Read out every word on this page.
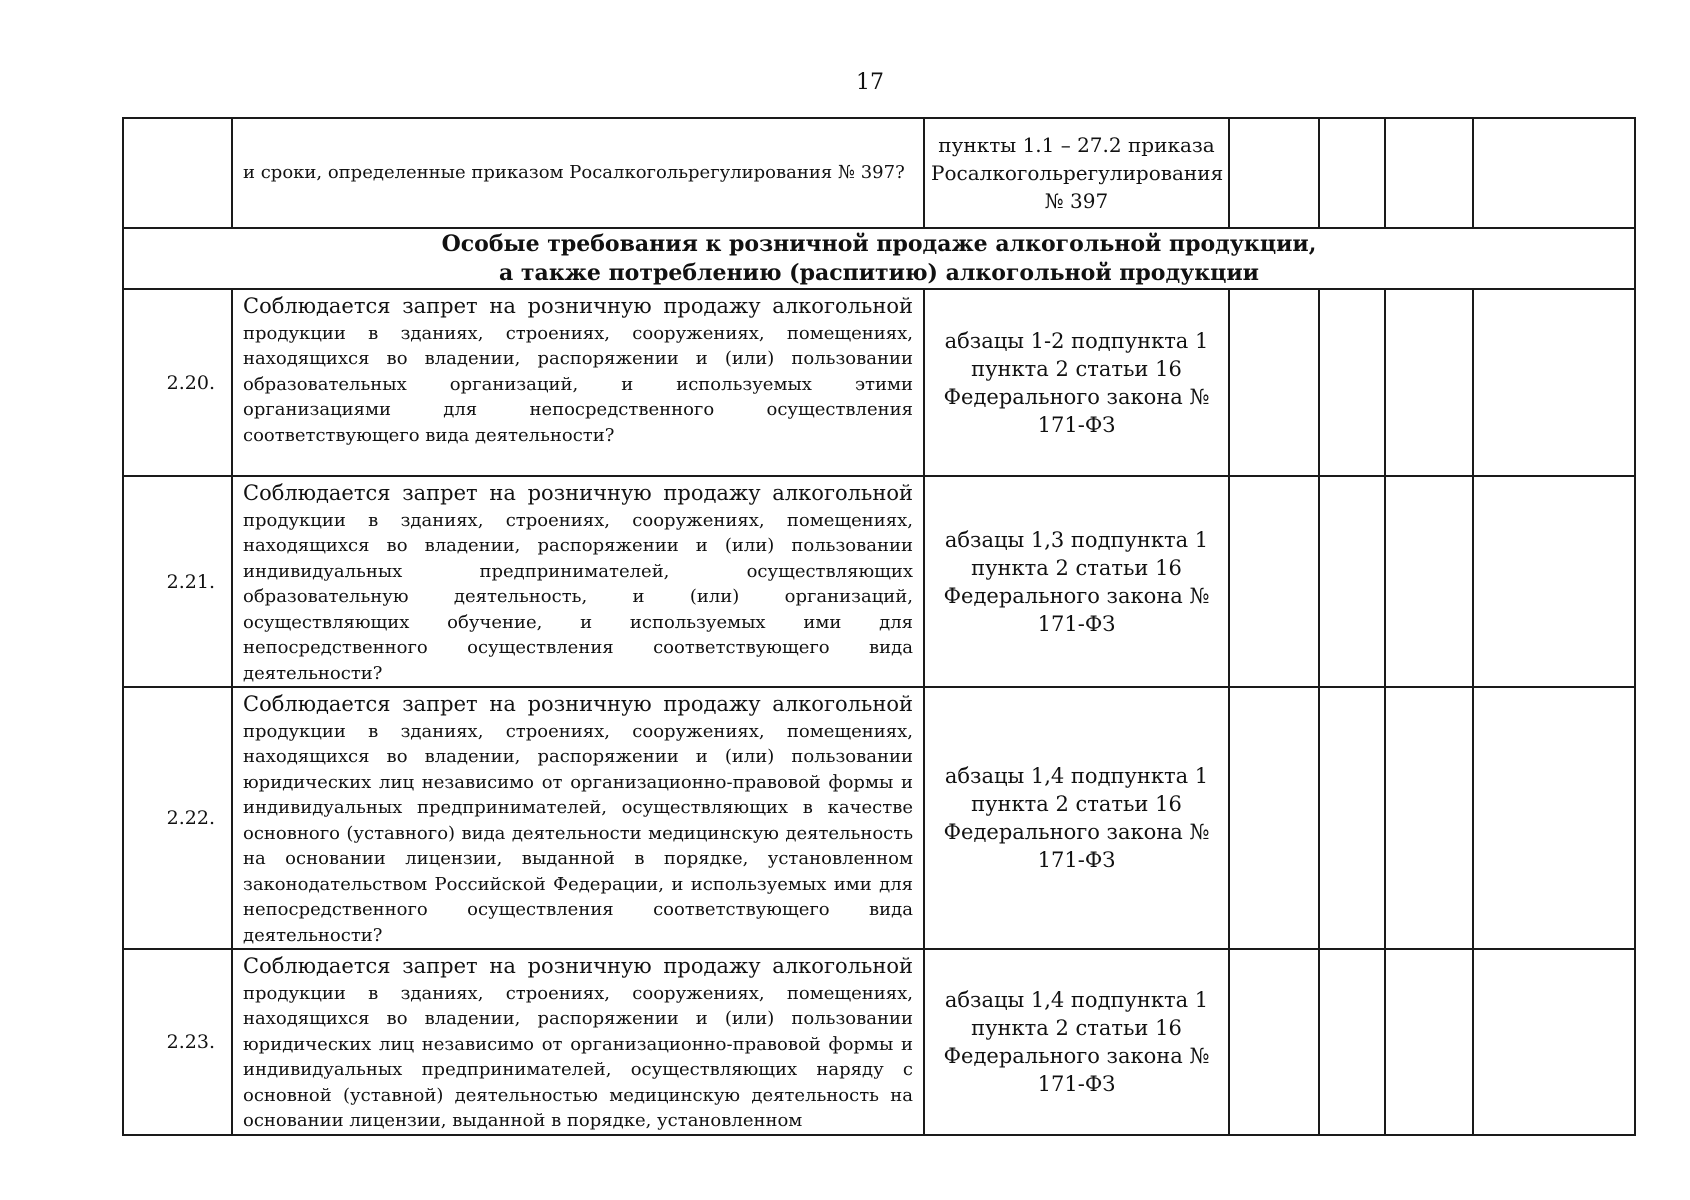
17
	и сроки, определенные приказом Росалкогольрегулирования № 397?	пункты 1.1 – 27.2 приказа Росалкогольрегулирования № 397				

Особые требования к розничной продаже алкогольной продукции,
а также потреблению (распитию) алкогольной продукции						

2.20.	Соблюдается запрет на розничную продажу алкогольной продукции в зданиях, строениях, сооружениях, помещениях, находящихся во владении, распоряжении и (или) пользовании образовательных организаций, и используемых этими организациями для непосредственного осуществления соответствующего вида деятельности?	абзацы 1-2 подпункта 1 пункта 2 статьи 16 Федерального закона № 171-ФЗ				
2.21.	Соблюдается запрет на розничную продажу алкогольной продукции в зданиях, строениях, сооружениях, помещениях, находящихся во владении, распоряжении и (или) пользовании индивидуальных предпринимателей, осуществляющих образовательную деятельность, и (или) организаций, осуществляющих обучение, и используемых ими для непосредственного осуществления соответствующего вида деятельности?	абзацы 1,3 подпункта 1 пункта 2 статьи 16 Федерального закона № 171-ФЗ				
2.22.	Соблюдается запрет на розничную продажу алкогольной продукции в зданиях, строениях, сооружениях, помещениях, находящихся во владении, распоряжении и (или) пользовании юридических лиц независимо от организационно-правовой формы и индивидуальных предпринимателей, осуществляющих в качестве основного (уставного) вида деятельности медицинскую деятельность на основании лицензии, выданной в порядке, установленном законодательством Российской Федерации, и используемых ими для непосредственного осуществления соответствующего вида деятельности?	абзацы 1,4 подпункта 1 пункта 2 статьи 16 Федерального закона № 171-ФЗ				
2.23.	Соблюдается запрет на розничную продажу алкогольной продукции в зданиях, строениях, сооружениях, помещениях, находящихся во владении, распоряжении и (или) пользовании юридических лиц независимо от организационно-правовой формы и индивидуальных предпринимателей, осуществляющих наряду с основной (уставной) деятельностью медицинскую деятельность на основании лицензии, выданной в порядке, установленном	абзацы 1,4 подпункта 1 пункта 2 статьи 16 Федерального закона № 171-ФЗ				
